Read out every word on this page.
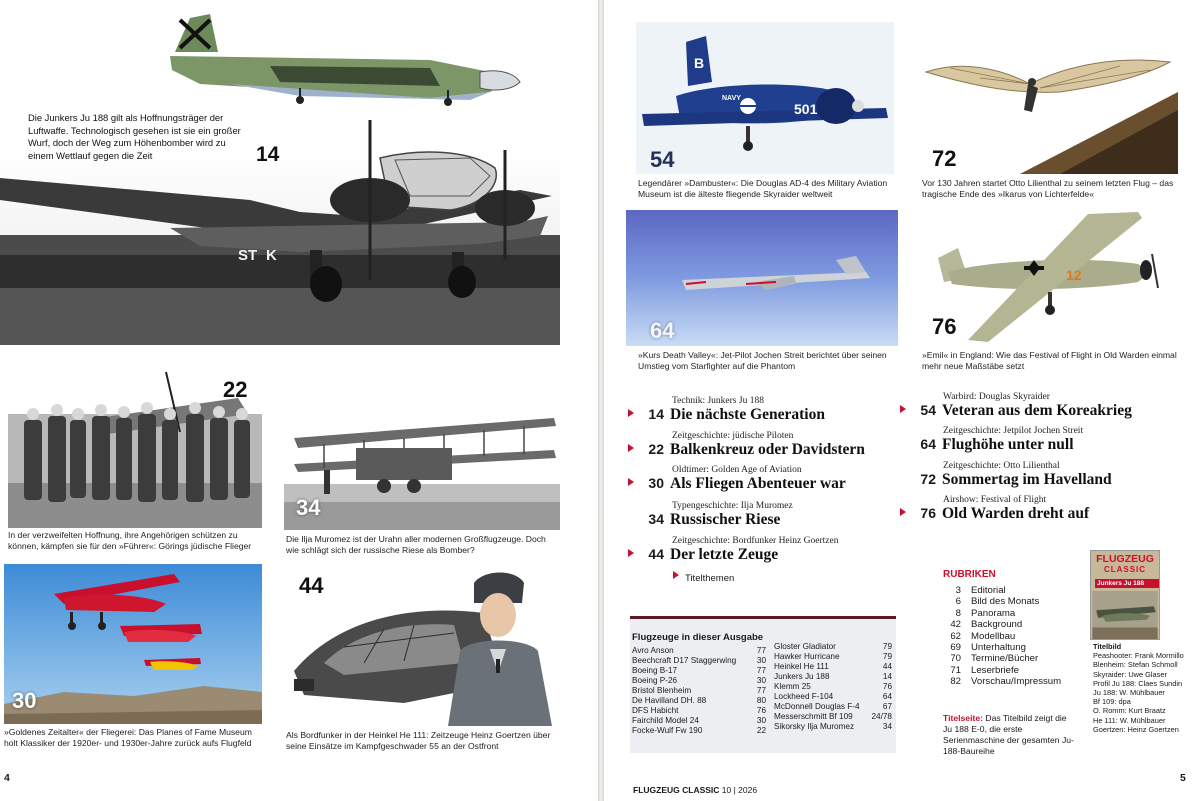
ST K
Die Junkers Ju 188 gilt als Hoffnungsträger der Luftwaffe. Technologisch gesehen ist sie ein großer Wurf, doch der Weg zum Höhenbomber wird zu einem Wettlauf gegen die Zeit	14
22
In der verzweifelten Hoffnung, ihre Angehörigen schützen zu können, kämpfen sie für den »Führer«: Görings jüdische Flieger
34
Die Ilja Muromez ist der Urahn aller modernen Großflugzeuge. Doch wie schlägt sich der russische Riese als Bomber?
30
»Goldenes Zeitalter« der Fliegerei: Das Planes of Fame Museum holt Klassiker der 1920er- und 1930er-Jahre zurück aufs Flugfeld
44
Als Bordfunker in der Heinkel He 111: Zeitzeuge Heinz Goertzen über seine Einsätze im Kampfgeschwader 55 an der Ostfront
4
B
501
NAVY
54
Legendärer »Dambuster«: Die Douglas AD-4 des Military Aviation Museum ist die älteste fliegende Skyraider weltweit
72
Vor 130 Jahren startet Otto Lilienthal zu seinem letzten Flug – das tragische Ende des »Ikarus von Lichterfelde«
64
»Kurs Death Valley«: Jet-Pilot Jochen Streit berichtet über seinen Umstieg vom Starfighter auf die Phantom
12
76
»Emil« in England: Wie das Festival of Flight in Old Warden einmal mehr neue Maßstäbe setzt
Technik: Junkers Ju 188
14 Die nächste Generation
Zeitgeschichte: jüdische Piloten
22 Balkenkreuz oder Davidstern
Oldtimer: Golden Age of Aviation
30 Als Fliegen Abenteuer war
Typengeschichte: Ilja Muromez
34 Russischer Riese
Zeitgeschichte: Bordfunker Heinz Goertzen
44 Der letzte Zeuge
Warbird: Douglas Skyraider
54 Veteran aus dem Koreakrieg
Zeitgeschichte: Jetpilot Jochen Streit
64 Flughöhe unter null
Zeitgeschichte: Otto Lilienthal
72 Sommertag im Havelland
Airshow: Festival of Flight
76 Old Warden dreht auf
Titelthemen
Flugzeuge in dieser Ausgabe
Avro Anson	77
Beechcraft D17 Staggerwing	30
Boeing B-17	77
Boeing P-26	30
Bristol Blenheim	77
De Havilland DH. 88	80
DFS Habicht	76
Fairchild Model 24	30
Focke-Wulf Fw 190	22
Gloster Gladiator	79
Hawker Hurricane	79
Heinkel He 111	44
Junkers Ju 188	14
Klemm 25	76
Lockheed F-104	64
McDonnell Douglas F-4	67
Messerschmitt Bf 109 24/78
Sikorsky Ilja Muromez	34
RUBRIKEN
3 Editorial
6 Bild des Monats
8 Panorama
42 Background
62 Modellbau
69 Unterhaltung
70 Termine/Bücher
71 Leserbriefe
82 Vorschau/Impressum
FLUGZEUG
CLASSIC
Junkers Ju 188
Titelbild
Peashooter: Frank Mormillo
Blenheim: Stefan Schmoll
Skyraider: Uwe Glaser
Profil Ju 188: Claes Sundin
Ju 188: W. Mühlbauer
Bf 109: dpa
O. Romm: Kurt Braatz
He 111: W. Mühlbauer
Goertzen: Heinz Goertzen
Titelseite: Das Titelbild zeigt die Ju 188 E-0, die erste Serienmaschine der gesamten Ju-188-Baureihe
FLUGZEUG CLASSIC 10 | 2026
5
